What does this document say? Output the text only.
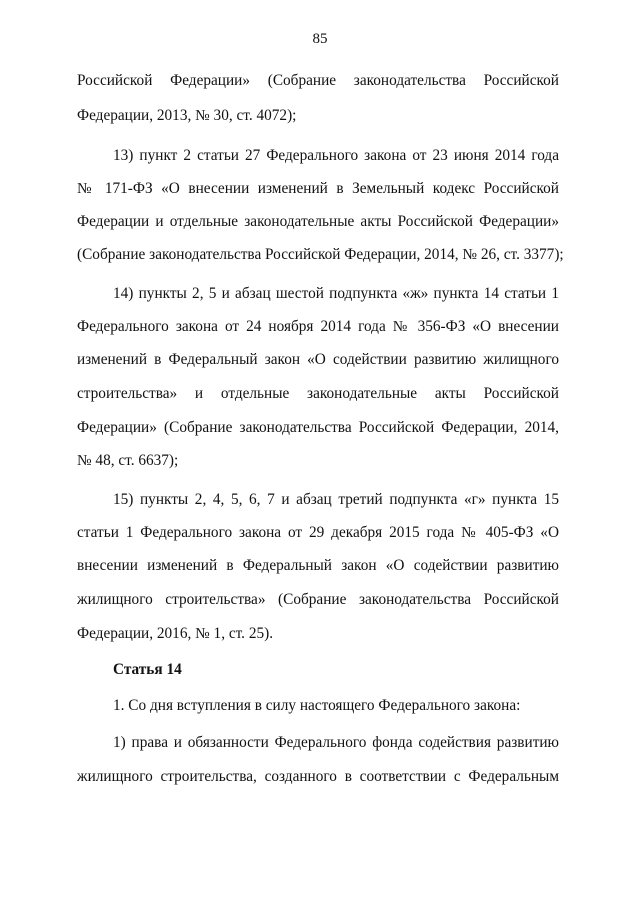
85
Российской Федерации» (Собрание законодательства Российской
Федерации, 2013, № 30, ст. 4072);
13) пункт 2 статьи 27 Федерального закона от 23 июня 2014 года
№ 171-ФЗ «О внесении изменений в Земельный кодекс Российской
Федерации и отдельные законодательные акты Российской Федерации»
(Собрание законодательства Российской Федерации, 2014, № 26, ст. 3377);
14) пункты 2, 5 и абзац шестой подпункта «ж» пункта 14 статьи 1
Федерального закона от 24 ноября 2014 года № 356-ФЗ «О внесении
изменений в Федеральный закон «О содействии развитию жилищного
строительства» и отдельные законодательные акты Российской
Федерации» (Собрание законодательства Российской Федерации, 2014,
№ 48, ст. 6637);
15) пункты 2, 4, 5, 6, 7 и абзац третий подпункта «г» пункта 15
статьи 1 Федерального закона от 29 декабря 2015 года № 405-ФЗ «О
внесении изменений в Федеральный закон «О содействии развитию
жилищного строительства» (Собрание законодательства Российской
Федерации, 2016, № 1, ст. 25).
Статья 14
1. Со дня вступления в силу настоящего Федерального закона:
1) права и обязанности Федерального фонда содействия развитию
жилищного строительства, созданного в соответствии с Федеральным
